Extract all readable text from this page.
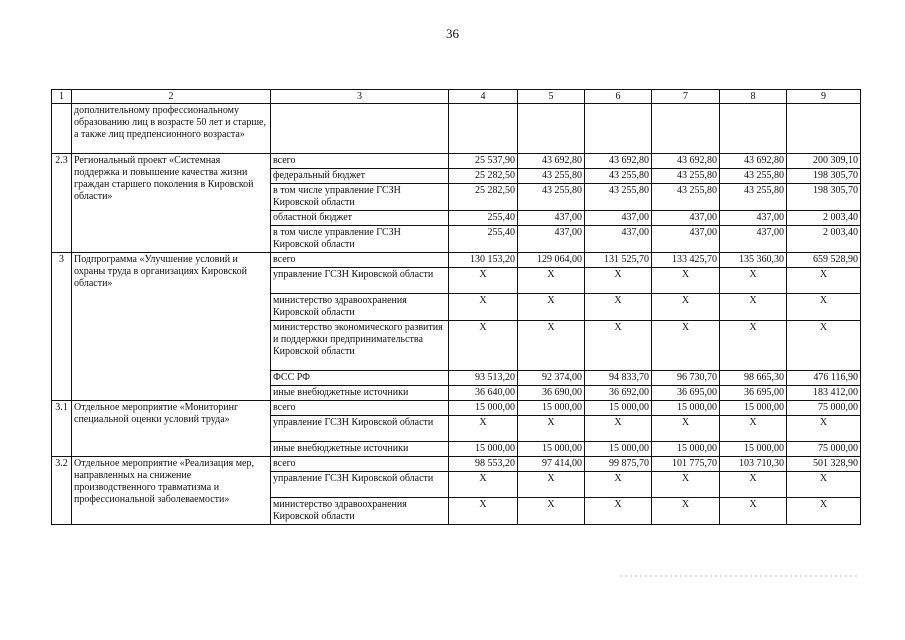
36
1	2	3	4	5	6	7	8	9
	дополнительному профессиональному образованию лиц в возрасте 50 лет и старше, а также лиц предпенсионного возраста»							
2.3	Региональный проект «Системная поддержка и повышение качества жизни граждан старшего поколения в Кировской области»	всего	25 537,90	43 692,80	43 692,80	43 692,80	43 692,80	200 309,10
		федеральный бюджет	25 282,50	43 255,80	43 255,80	43 255,80	43 255,80	198 305,70
		в том числе управление ГСЗН Кировской области	25 282,50	43 255,80	43 255,80	43 255,80	43 255,80	198 305,70
		областной бюджет	255,40	437,00	437,00	437,00	437,00	2 003,40
		в том числе управление ГСЗН Кировской области	255,40	437,00	437,00	437,00	437,00	2 003,40
3	Подпрограмма «Улучшение условий и охраны труда в организациях Кировской области»	всего	130 153,20	129 064,00	131 525,70	133 425,70	135 360,30	659 528,90
		управление ГСЗН Кировской области	X	X	X	X	X	X
		министерство здравоохранения Кировской области	X	X	X	X	X	X
		министерство экономического развития и поддержки предпринимательства Кировской области	X	X	X	X	X	X
		ФСС РФ	93 513,20	92 374,00	94 833,70	96 730,70	98 665,30	476 116,90
		иные внебюджетные источники	36 640,00	36 690,00	36 692,00	36 695,00	36 695,00	183 412,00
3.1	Отдельное мероприятие «Мониторинг специальной оценки условий труда»	всего	15 000,00	15 000,00	15 000,00	15 000,00	15 000,00	75 000,00
		управление ГСЗН Кировской области	X	X	X	X	X	X
		иные внебюджетные источники	15 000,00	15 000,00	15 000,00	15 000,00	15 000,00	75 000,00
3.2	Отдельное мероприятие «Реализация мер, направленных на снижение производственного травматизма и профессиональной заболеваемости»	всего	98 553,20	97 414,00	99 875,70	101 775,70	103 710,30	501 328,90
		управление ГСЗН Кировской области	X	X	X	X	X	X
		министерство здравоохранения Кировской области	X	X	X	X	X	X
